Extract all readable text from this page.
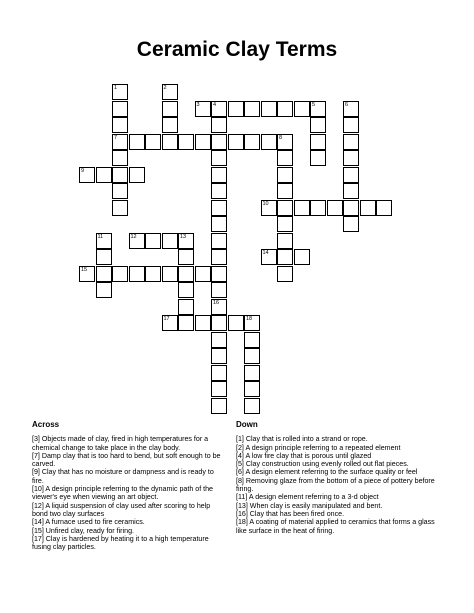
Ceramic Clay Terms
1
7
2
3 4	5
16
6
8
9
10
11	12	13
14
15
17	18
Across

[3] Objects made of clay, fired in high temperatures for a chemical change to take place in the clay body.

[7] Damp clay that is too hard to bend, but soft enough to be carved.

[9] Clay that has no moisture or dampness and is ready to fire.

[10] A design principle referring to the dynamic path of the viewer's eye when viewing an art object.

[12] A liquid suspension of clay used after scoring to help bond two clay surfaces

[14] A furnace used to fire ceramics.

[15] Unfired clay, ready for firing.

[17] Clay is hardened by heating it to a high temperature fusing clay particles.

Down

[1] Clay that is rolled into a strand or rope.

[2] A design principle referring to a repeated element

[4] A low fire clay that is porous until glazed

[5] Clay construction using evenly rolled out flat pieces.

[6] A design element referring to the surface quality or feel

[8] Removing glaze from the bottom of a piece of pottery before firing.

[11] A design element referring to a 3-d object

[13] When clay is easily manipulated and bent.

[16] Clay that has been fired once.

[18] A coating of material applied to ceramics that forms a glass like surface in the heat of firing.
